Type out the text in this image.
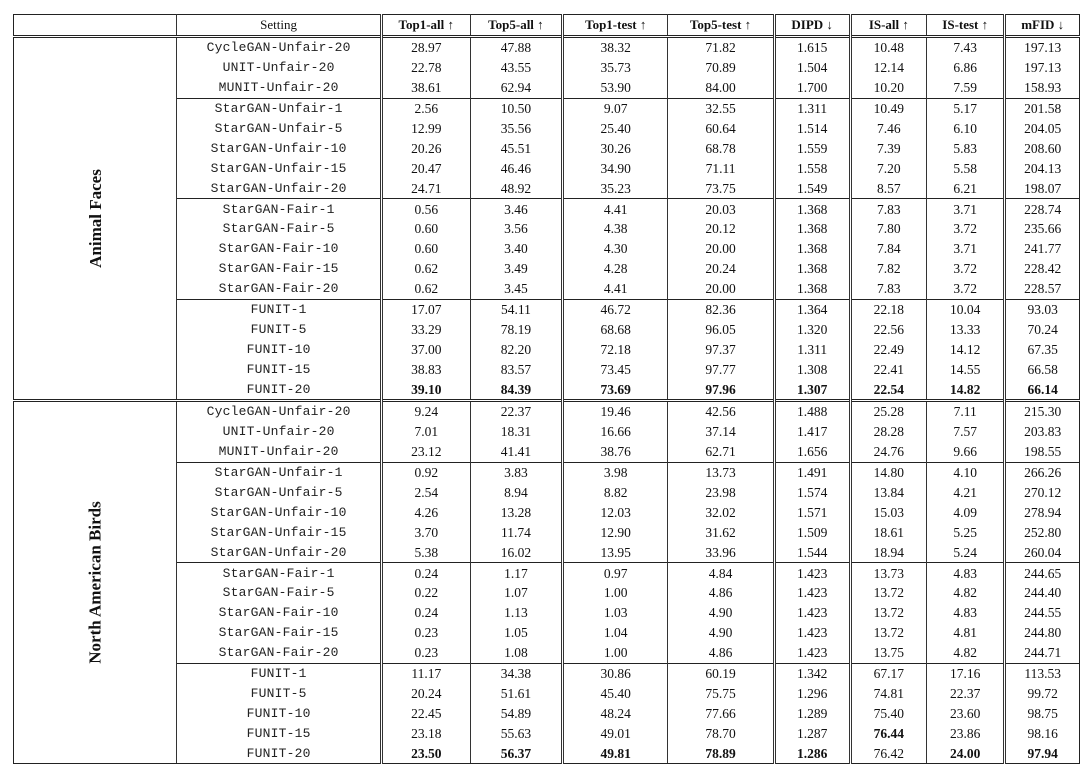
	Setting	Top1-all ↑	Top5-all ↑	Top1-test ↑	Top5-test ↑	DIPD ↓	IS-all ↑	IS-test ↑	mFID ↓
Animal Faces	CycleGAN-Unfair-20	28.97	47.88	38.32	71.82	1.615	10.48	7.43	197.13
	UNIT-Unfair-20	22.78	43.55	35.73	70.89	1.504	12.14	6.86	197.13
	MUNIT-Unfair-20	38.61	62.94	53.90	84.00	1.700	10.20	7.59	158.93
	StarGAN-Unfair-1	2.56	10.50	9.07	32.55	1.311	10.49	5.17	201.58
	StarGAN-Unfair-5	12.99	35.56	25.40	60.64	1.514	7.46	6.10	204.05
	StarGAN-Unfair-10	20.26	45.51	30.26	68.78	1.559	7.39	5.83	208.60
	StarGAN-Unfair-15	20.47	46.46	34.90	71.11	1.558	7.20	5.58	204.13
	StarGAN-Unfair-20	24.71	48.92	35.23	73.75	1.549	8.57	6.21	198.07
	StarGAN-Fair-1	0.56	3.46	4.41	20.03	1.368	7.83	3.71	228.74
	StarGAN-Fair-5	0.60	3.56	4.38	20.12	1.368	7.80	3.72	235.66
	StarGAN-Fair-10	0.60	3.40	4.30	20.00	1.368	7.84	3.71	241.77
	StarGAN-Fair-15	0.62	3.49	4.28	20.24	1.368	7.82	3.72	228.42
	StarGAN-Fair-20	0.62	3.45	4.41	20.00	1.368	7.83	3.72	228.57
	FUNIT-1	17.07	54.11	46.72	82.36	1.364	22.18	10.04	93.03
	FUNIT-5	33.29	78.19	68.68	96.05	1.320	22.56	13.33	70.24
	FUNIT-10	37.00	82.20	72.18	97.37	1.311	22.49	14.12	67.35
	FUNIT-15	38.83	83.57	73.45	97.77	1.308	22.41	14.55	66.58
	FUNIT-20	39.10	84.39	73.69	97.96	1.307	22.54	14.82	66.14
North American Birds	CycleGAN-Unfair-20	9.24	22.37	19.46	42.56	1.488	25.28	7.11	215.30
	UNIT-Unfair-20	7.01	18.31	16.66	37.14	1.417	28.28	7.57	203.83
	MUNIT-Unfair-20	23.12	41.41	38.76	62.71	1.656	24.76	9.66	198.55
	StarGAN-Unfair-1	0.92	3.83	3.98	13.73	1.491	14.80	4.10	266.26
	StarGAN-Unfair-5	2.54	8.94	8.82	23.98	1.574	13.84	4.21	270.12
	StarGAN-Unfair-10	4.26	13.28	12.03	32.02	1.571	15.03	4.09	278.94
	StarGAN-Unfair-15	3.70	11.74	12.90	31.62	1.509	18.61	5.25	252.80
	StarGAN-Unfair-20	5.38	16.02	13.95	33.96	1.544	18.94	5.24	260.04
	StarGAN-Fair-1	0.24	1.17	0.97	4.84	1.423	13.73	4.83	244.65
	StarGAN-Fair-5	0.22	1.07	1.00	4.86	1.423	13.72	4.82	244.40
	StarGAN-Fair-10	0.24	1.13	1.03	4.90	1.423	13.72	4.83	244.55
	StarGAN-Fair-15	0.23	1.05	1.04	4.90	1.423	13.72	4.81	244.80
	StarGAN-Fair-20	0.23	1.08	1.00	4.86	1.423	13.75	4.82	244.71
	FUNIT-1	11.17	34.38	30.86	60.19	1.342	67.17	17.16	113.53
	FUNIT-5	20.24	51.61	45.40	75.75	1.296	74.81	22.37	99.72
	FUNIT-10	22.45	54.89	48.24	77.66	1.289	75.40	23.60	98.75
	FUNIT-15	23.18	55.63	49.01	78.70	1.287	76.44	23.86	98.16
	FUNIT-20	23.50	56.37	49.81	78.89	1.286	76.42	24.00	97.94
